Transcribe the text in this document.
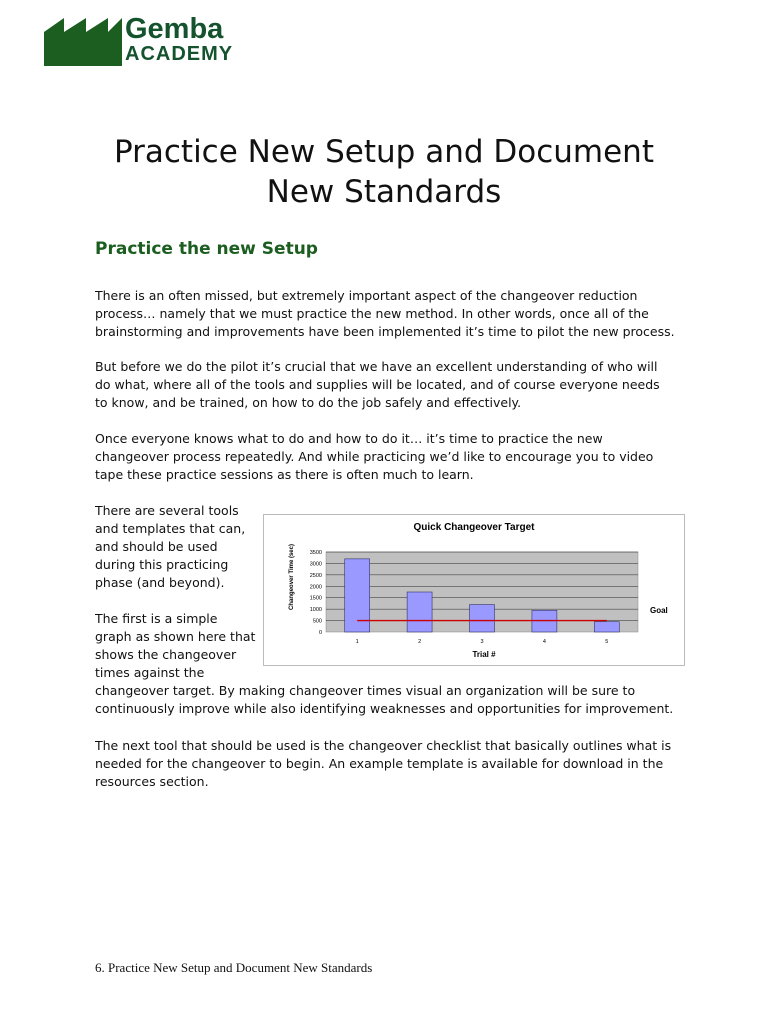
Gemba
ACADEMY
Practice New Setup and Document
New Standards
Practice the new Setup

There is an often missed, but extremely important aspect of the changeover reduction process… namely that we must practice the new method. In other words, once all of the brainstorming and improvements have been implemented it’s time to pilot the new process.

But before we do the pilot it’s crucial that we have an excellent understanding of who will do what, where all of the tools and supplies will be located, and of course everyone needs to know, and be trained, on how to do the job safely and effectively.

Once everyone knows what to do and how to do it… it’s time to practice the new changeover process repeatedly. And while practicing we’d like to encourage you to video tape these practice sessions as there is often much to learn.

There are several tools and templates that can, and should be used during this practicing phase (and beyond).

The first is a simple graph as shown here that shows the changeover times against the

changeover target. By making changeover times visual an organization will be sure to continuously improve while also identifying weaknesses and opportunities for improvement.

The next tool that should be used is the changeover checklist that basically outlines what is needed for the changeover to begin. An example template is available for download in the resources section.

Quick Changeover Target
Changeover Time (sec)
Trial #
0
500
1000
1500
2000
2500
3000
3500
1	2	3	4	5
Goal
6. Practice New Setup and Document New Standards
